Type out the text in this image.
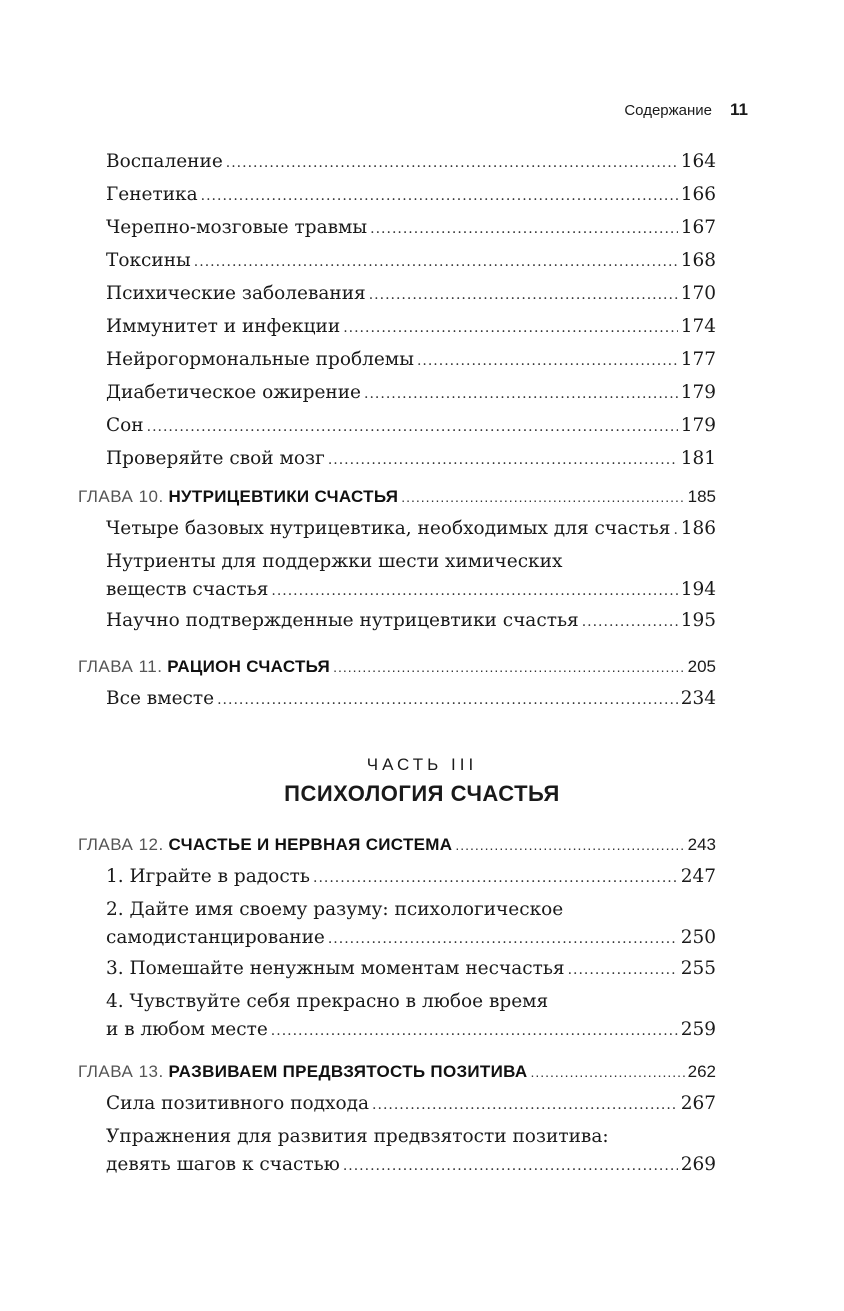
Содержание 11
Воспаление .....	164
Генетика .....	166
Черепно-мозговые травмы .....	167
Токсины .....	168
Психические заболевания .....	170
Иммунитет и инфекции .....	174
Нейрогормональные проблемы .....	177
Диабетическое ожирение .....	179
Сон .....	179
Проверяйте свой мозг .....	181
ГЛАВА 10. НУТРИЦЕВТИКИ СЧАСТЬЯ .....	185
Четыре базовых нутрицевтика, необходимых для счастья ..... 186
Нутриенты для поддержки шести химических
веществ счастья .....	194
Научно подтвержденные нутрицевтики счастья .....	195
ГЛАВА 11. РАЦИОН СЧАСТЬЯ .....	205
Все вместе .....	234
ЧАСТЬ III
ПСИХОЛОГИЯ СЧАСТЬЯ
ГЛАВА 12. СЧАСТЬЕ И НЕРВНАЯ СИСТЕМА .....	243
1. Играйте в радость .....	247
2. Дайте имя своему разуму: психологическое
самодистанцирование .....	250
3. Помешайте ненужным моментам несчастья .....	255
4. Чувствуйте себя прекрасно в любое время
и в любом месте .....	259
ГЛАВА 13. РАЗВИВАЕМ ПРЕДВЗЯТОСТЬ ПОЗИТИВА .....	262
Сила позитивного подхода .....	267
Упражнения для развития предвзятости позитива:
девять шагов к счастью .....	269
